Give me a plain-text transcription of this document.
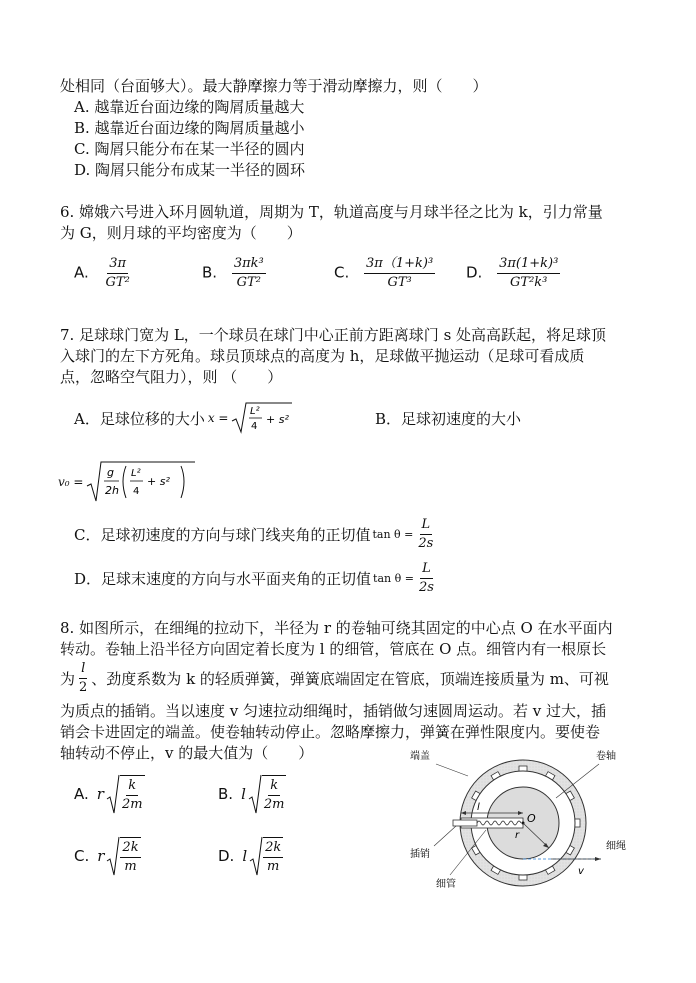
处相同（台面够大）。最大静摩擦力等于滑动摩擦力，则（　　）
A. 越靠近台面边缘的陶屑质量越大
B. 越靠近台面边缘的陶屑质量越小
C. 陶屑只能分布在某一半径的圆内
D. 陶屑只能分布成某一半径的圆环
6. 嫦娥六号进入环月圆轨道，周期为 T，轨道高度与月球半径之比为 k，引力常量
为 G，则月球的平均密度为（　　）
A. $\frac{3\pi}{\text{GT²}}$	B. $\frac{\text{3πk³}}{\text{GT²}}$	C. $\frac{\text{3π（1+k)³}}{\text{GT³}} D$. $\frac{\text{3π(1+k)³}}{\text{GT²k³}}$
7. 足球球门宽为 L，一个球员在球门中心正前方距离球门 s 处高高跃起，将足球顶
入球门的左下方死角。球员顶球点的高度为 h，足球做平抛运动（足球可看成质
点，忽略空气阻力），则 （　　）
A．足球位移的大小 x = L²
4
+ s²	B．足球初速度的大小
v₀ =
g
2h
L²
4
+ s²
C．足球初速度的方向与球门线夹角的正切值 $\tan \theta = \frac{L}{2s}$
D．足球末速度的方向与水平面夹角的正切值 $\tan \theta = \frac{L}{2s}$
8. 如图所示，在细绳的拉动下，半径为 r 的卷轴可绕其固定的中心点 O 在水平面内
转动。卷轴上沿半径方向固定着长度为 l 的细管，管底在 O 点。细管内有一根原长
为 $\frac{l}{2}$ 、劲度系数为 k 的轻质弹簧，弹簧底端固定在管底，顶端连接质量为 m、可视
为质点的插销。当以速度 v 匀速拉动细绳时，插销做匀速圆周运动。若 v 过大，插
销会卡进固定的端盖。使卷轴转动停止。忽略摩擦力，弹簧在弹性限度内。要使卷
轴转动不停止，v 的最大值为（　　）
A. r $\frac{k}{2m}$	B. l $\frac{k}{2m}$
C. r $\frac{2k}{m}$	D. l $\frac{2k}{m}$
l
O
r
v
端盖	卷轴
插销
细管
细绳
